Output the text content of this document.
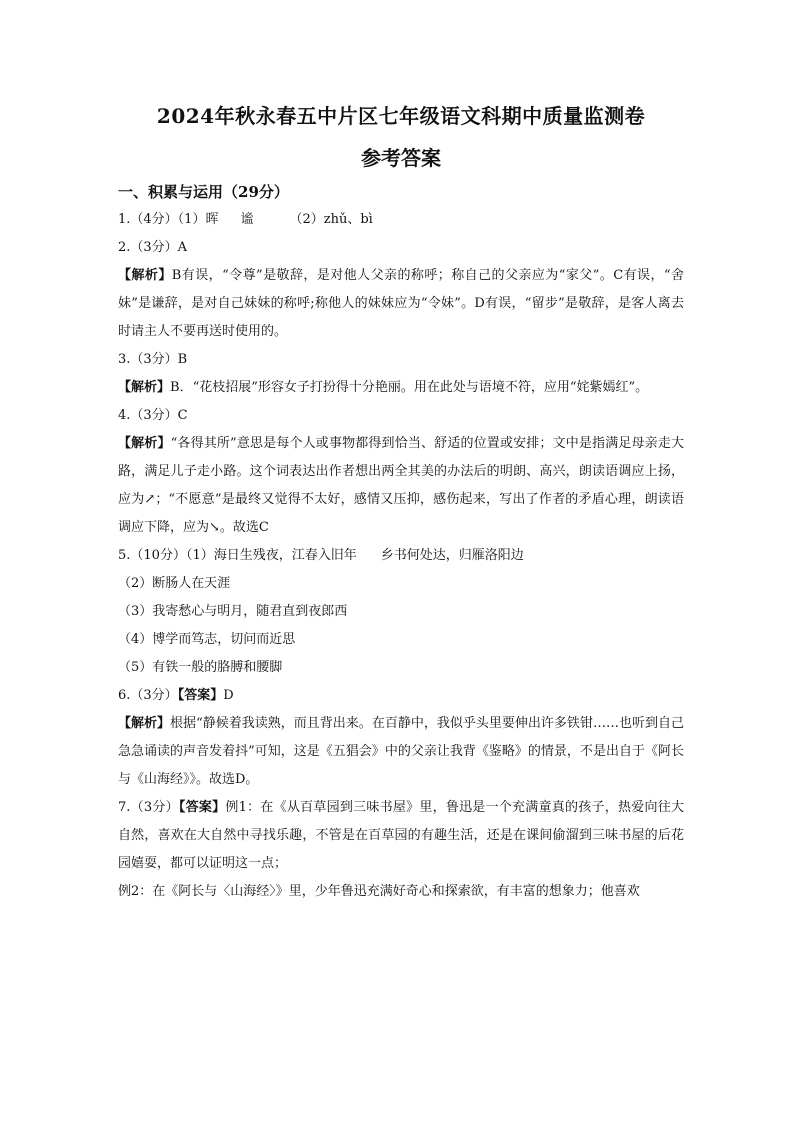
2024年秋永春五中片区七年级语文科期中质量监测卷
参考答案

一、积累与运用（29分）

1.（4分）（1）晖 谧	（2）zhǔ、bì

2.（3分）A

【解析】B有误，“令尊”是敬辞，是对他人父亲的称呼；称自己的父亲应为“家父”。C有误，“舍妹”是谦辞，是对自己妹妹的称呼;称他人的妹妹应为“令妹”。D有误，“留步”是敬辞，是客人离去时请主人不要再送时使用的。

3.（3分）B

【解析】B．“花枝招展”形容女子打扮得十分艳丽。用在此处与语境不符，应用“姹紫嫣红”。

4.（3分）C

【解析】“各得其所”意思是每个人或事物都得到恰当、舒适的位置或安排；文中是指满足母亲走大路，满足儿子走小路。这个词表达出作者想出两全其美的办法后的明朗、高兴，朗读语调应上扬，应为↗；“不愿意”是最终又觉得不太好，感情又压抑，感伤起来，写出了作者的矛盾心理，朗读语调应下降，应为↘。故选C

5.（10分）（1）海日生残夜，江春入旧年 乡书何处达，归雁洛阳边

（2）断肠人在天涯

（3）我寄愁心与明月，随君直到夜郎西

（4）博学而笃志，切问而近思

（5）有铁一般的胳膊和腰脚

6.（3分）【答案】D

【解析】根据“静候着我读熟，而且背出来。在百静中，我似乎头里要伸出许多铁钳……也听到自己急急诵读的声音发着抖”可知，这是《五猖会》中的父亲让我背《鉴略》的情景，不是出自于《阿长与《山海经》》。故选D。

7.（3分）【答案】例1：在《从百草园到三味书屋》里，鲁迅是一个充满童真的孩子，热爱向往大自然，喜欢在大自然中寻找乐趣，不管是在百草园的有趣生活，还是在课间偷溜到三味书屋的后花园嬉耍，都可以证明这一点；

例2：在《阿长与〈山海经〉》里，少年鲁迅充满好奇心和探索欲，有丰富的想象力；他喜欢
